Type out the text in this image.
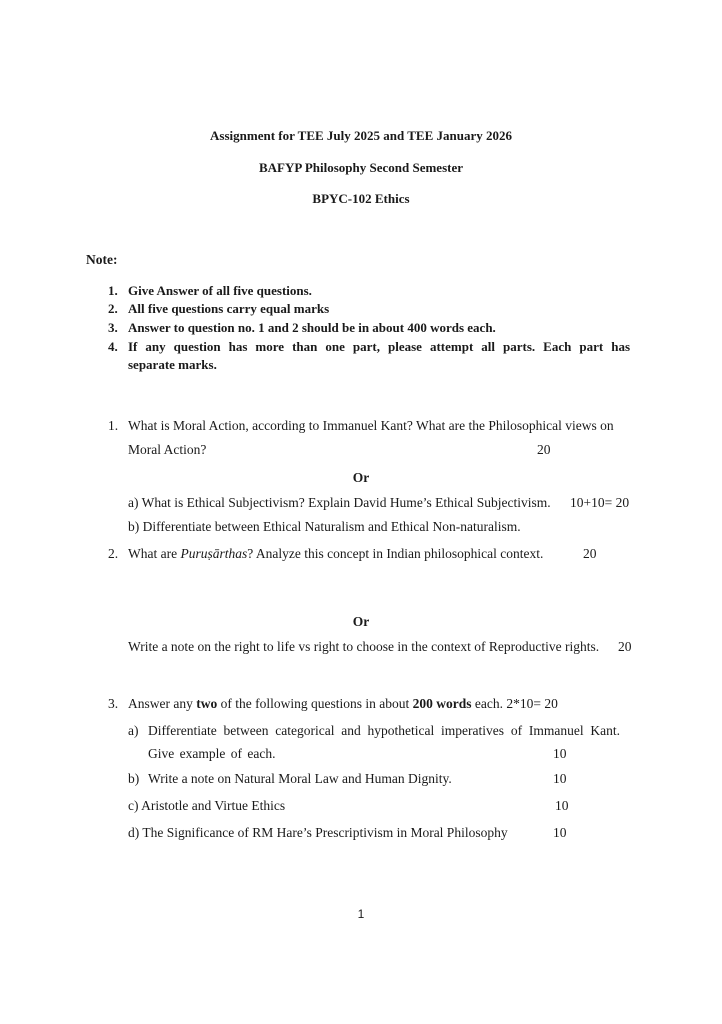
Assignment for TEE July 2025 and TEE January 2026
BAFYP Philosophy Second Semester
BPYC-102 Ethics
Note:
1. Give Answer of all five questions.
2. All five questions carry equal marks
3. Answer to question no. 1 and 2 should be in about 400 words each.
4. If any question has more than one part, please attempt all parts. Each part has
separate marks.
1. What is Moral Action, according to Immanuel Kant? What are the Philosophical views on
Moral Action?	20
Or
a) What is Ethical Subjectivism? Explain David Hume’s Ethical Subjectivism. 10+10= 20
b) Differentiate between Ethical Naturalism and Ethical Non-naturalism.
2. What are Puruṣārthas? Analyze this concept in Indian philosophical context.	20
Or
Write a note on the right to life vs right to choose in the context of Reproductive rights. 20
3. Answer any two of the following questions in about 200 words each. 2*10= 20
a) Differentiate between categorical and hypothetical imperatives of Immanuel Kant.
Give example of each.	10
b) Write a note on Natural Moral Law and Human Dignity.	10
c) Aristotle and Virtue Ethics	10
d) The Significance of RM Hare’s Prescriptivism in Moral Philosophy	10
1
